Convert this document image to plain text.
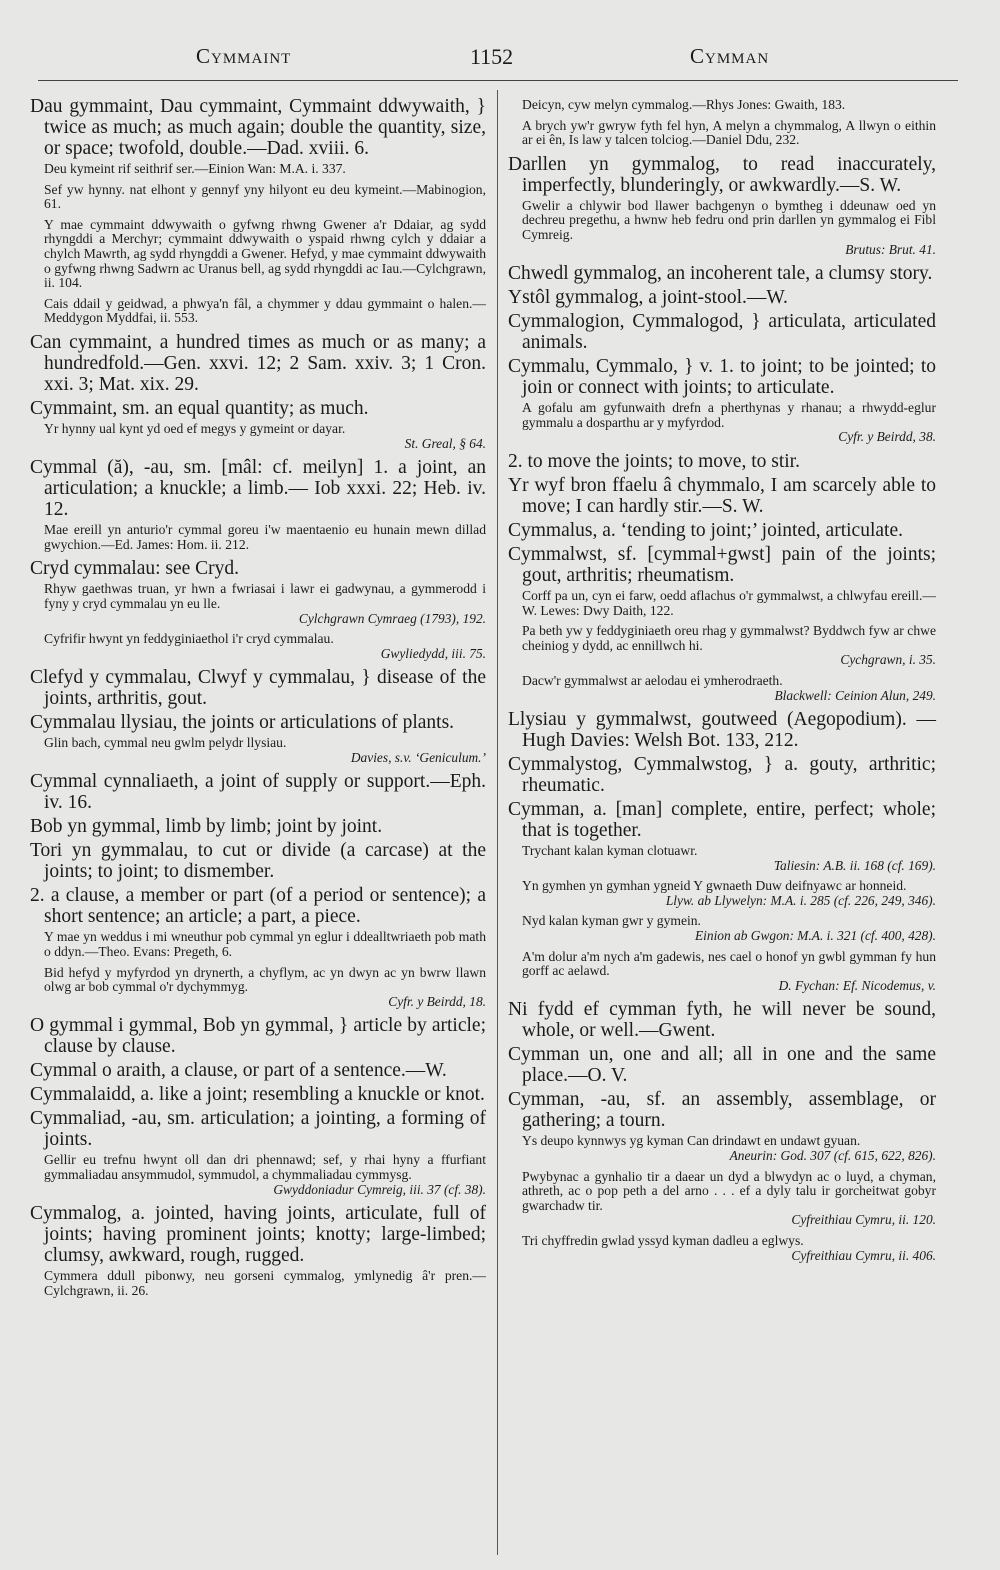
Cymmaint	1152	Cymman
Dau gymmaint, Dau cymmaint, Cymmaint ddwywaith, } twice as much; as much again; double the quantity, size, or space; twofold, double.—Dad. xviii. 6.
Deu kymeint rif seithrif ser.—Einion Wan: M.A. i. 337.
Sef yw hynny. nat elhont y gennyf yny hilyont eu deu kymeint.—Mabinogion, 61.
Y mae cymmaint ddwywaith o gyfwng rhwng Gwener a'r Ddaiar, ag sydd rhyngddi a Merchyr; cymmaint ddwywaith o yspaid rhwng cylch y ddaiar a chylch Mawrth, ag sydd rhyngddi a Gwener. Hefyd, y mae cymmaint ddwywaith o gyfwng rhwng Sadwrn ac Uranus bell, ag sydd rhyngddi ac Iau.—Cylchgrawn, ii. 104.
Cais ddail y geidwad, a phwya'n fâl, a chymmer y ddau gymmaint o halen.—Meddygon Myddfai, ii. 553.
Can cymmaint, a hundred times as much or as many; a hundredfold.—Gen. xxvi. 12; 2 Sam. xxiv. 3; 1 Cron. xxi. 3; Mat. xix. 29.
Cymmaint, sm. an equal quantity; as much.
Yr hynny ual kynt yd oed ef megys y gymeint or dayar.
St. Greal, § 64.
Cymmal (ă), -au, sm. [mâl: cf. meilyn] 1. a joint, an articulation; a knuckle; a limb.— Iob xxxi. 22; Heb. iv. 12.
Mae ereill yn anturio'r cymmal goreu i'w maentaenio eu hunain mewn dillad gwychion.—Ed. James: Hom. ii. 212.
Cryd cymmalau: see Cryd.
Rhyw gaethwas truan, yr hwn a fwriasai i lawr ei gadwynau, a gymmerodd i fyny y cryd cymmalau yn eu lle.
Cylchgrawn Cymraeg (1793), 192.
Cyfrifir hwynt yn feddyginiaethol i'r cryd cymmalau.
Gwyliedydd, iii. 75.
Clefyd y cymmalau, Clwyf y cymmalau, } disease of the joints, arthritis, gout.
Cymmalau llysiau, the joints or articulations of plants.
Glin bach, cymmal neu gwlm pelydr llysiau.
Davies, s.v. ‘Geniculum.’
Cymmal cynnaliaeth, a joint of supply or support.—Eph. iv. 16.
Bob yn gymmal, limb by limb; joint by joint.
Tori yn gymmalau, to cut or divide (a carcase) at the joints; to joint; to dismember.
2. a clause, a member or part (of a period or sentence); a short sentence; an article; a part, a piece.
Y mae yn weddus i mi wneuthur pob cymmal yn eglur i ddealltwriaeth pob math o ddyn.—Theo. Evans: Pregeth, 6.
Bid hefyd y myfyrdod yn drynerth, a chyflym, ac yn dwyn ac yn bwrw llawn olwg ar bob cymmal o'r dychymmyg.
Cyfr. y Beirdd, 18.
O gymmal i gymmal, Bob yn gymmal, } article by article; clause by clause.
Cymmal o araith, a clause, or part of a sentence.—W.
Cymmalaidd, a. like a joint; resembling a knuckle or knot.
Cymmaliad, -au, sm. articulation; a jointing, a forming of joints.
Gellir eu trefnu hwynt oll dan dri phennawd; sef, y rhai hyny a ffurfiant gymmaliadau ansymmudol, symmudol, a chymmaliadau cymmysg.
Gwyddoniadur Cymreig, iii. 37 (cf. 38).
Cymmalog, a. jointed, having joints, articulate, full of joints; having prominent joints; knotty; large-limbed; clumsy, awkward, rough, rugged.
Cymmera ddull pibonwy, neu gorseni cymmalog, ymlynedig â'r pren.—Cylchgrawn, ii. 26.
Deicyn, cyw melyn cymmalog.—Rhys Jones: Gwaith, 183.
A brych yw'r gwryw fyth fel hyn, A melyn a chymmalog, A llwyn o eithin ar ei ên, Is law y talcen tolciog.—Daniel Ddu, 232.
Darllen yn gymmalog, to read inaccurately, imperfectly, blunderingly, or awkwardly.—S. W.
Gwelir a chlywir bod llawer bachgenyn o bymtheg i ddeunaw oed yn dechreu pregethu, a hwnw heb fedru ond prin darllen yn gymmalog ei Fibl Cymreig.
Brutus: Brut. 41.
Chwedl gymmalog, an incoherent tale, a clumsy story.
Ystôl gymmalog, a joint-stool.—W.
Cymmalogion, Cymmalogod, } articulata, articulated animals.
Cymmalu, Cymmalo, } v. 1. to joint; to be jointed; to join or connect with joints; to articulate.
A gofalu am gyfunwaith drefn a pherthynas y rhanau; a rhwydd-eglur gymmalu a dosparthu ar y myfyrdod.
Cyfr. y Beirdd, 38.
2. to move the joints; to move, to stir.
Yr wyf bron ffaelu â chymmalo, I am scarcely able to move; I can hardly stir.—S. W.
Cymmalus, a. ‘tending to joint;’ jointed, articulate.
Cymmalwst, sf. [cymmal+gwst] pain of the joints; gout, arthritis; rheumatism.
Corff pa un, cyn ei farw, oedd aflachus o'r gymmalwst, a chlwyfau ereill.—W. Lewes: Dwy Daith, 122.
Pa beth yw y feddyginiaeth oreu rhag y gymmalwst? Byddwch fyw ar chwe cheiniog y dydd, ac ennillwch hi.
Cychgrawn, i. 35.
Dacw'r gymmalwst ar aelodau ei ymherodraeth.
Blackwell: Ceinion Alun, 249.
Llysiau y gymmalwst, goutweed (Aegopodium). —Hugh Davies: Welsh Bot. 133, 212.
Cymmalystog, Cymmalwstog, } a. gouty, arthritic; rheumatic.
Cymman, a. [man] complete, entire, perfect; whole; that is together.
Trychant kalan kyman clotuawr.
Taliesin: A.B. ii. 168 (cf. 169).
Yn gymhen yn gymhan ygneid Y gwnaeth Duw deifnyawc ar honneid.
Llyw. ab Llywelyn: M.A. i. 285 (cf. 226, 249, 346).
Nyd kalan kyman gwr y gymein.
Einion ab Gwgon: M.A. i. 321 (cf. 400, 428).
A'm dolur a'm nych a'm gadewis, nes cael o honof yn gwbl gymman fy hun gorff ac aelawd.
D. Fychan: Ef. Nicodemus, v.
Ni fydd ef cymman fyth, he will never be sound, whole, or well.—Gwent.
Cymman un, one and all; all in one and the same place.—O. V.
Cymman, -au, sf. an assembly, assemblage, or gathering; a tourn.
Ys deupo kynnwys yg kyman Can drindawt en undawt gyuan.
Aneurin: God. 307 (cf. 615, 622, 826).
Pwybynac a gynhalio tir a daear un dyd a blwydyn ac o luyd, a chyman, athreth, ac o pop peth a del arno . . . ef a dyly talu ir gorcheitwat gobyr gwarchadw tir.
Cyfreithiau Cymru, ii. 120.
Tri chyffredin gwlad yssyd kyman dadleu a eglwys.
Cyfreithiau Cymru, ii. 406.
